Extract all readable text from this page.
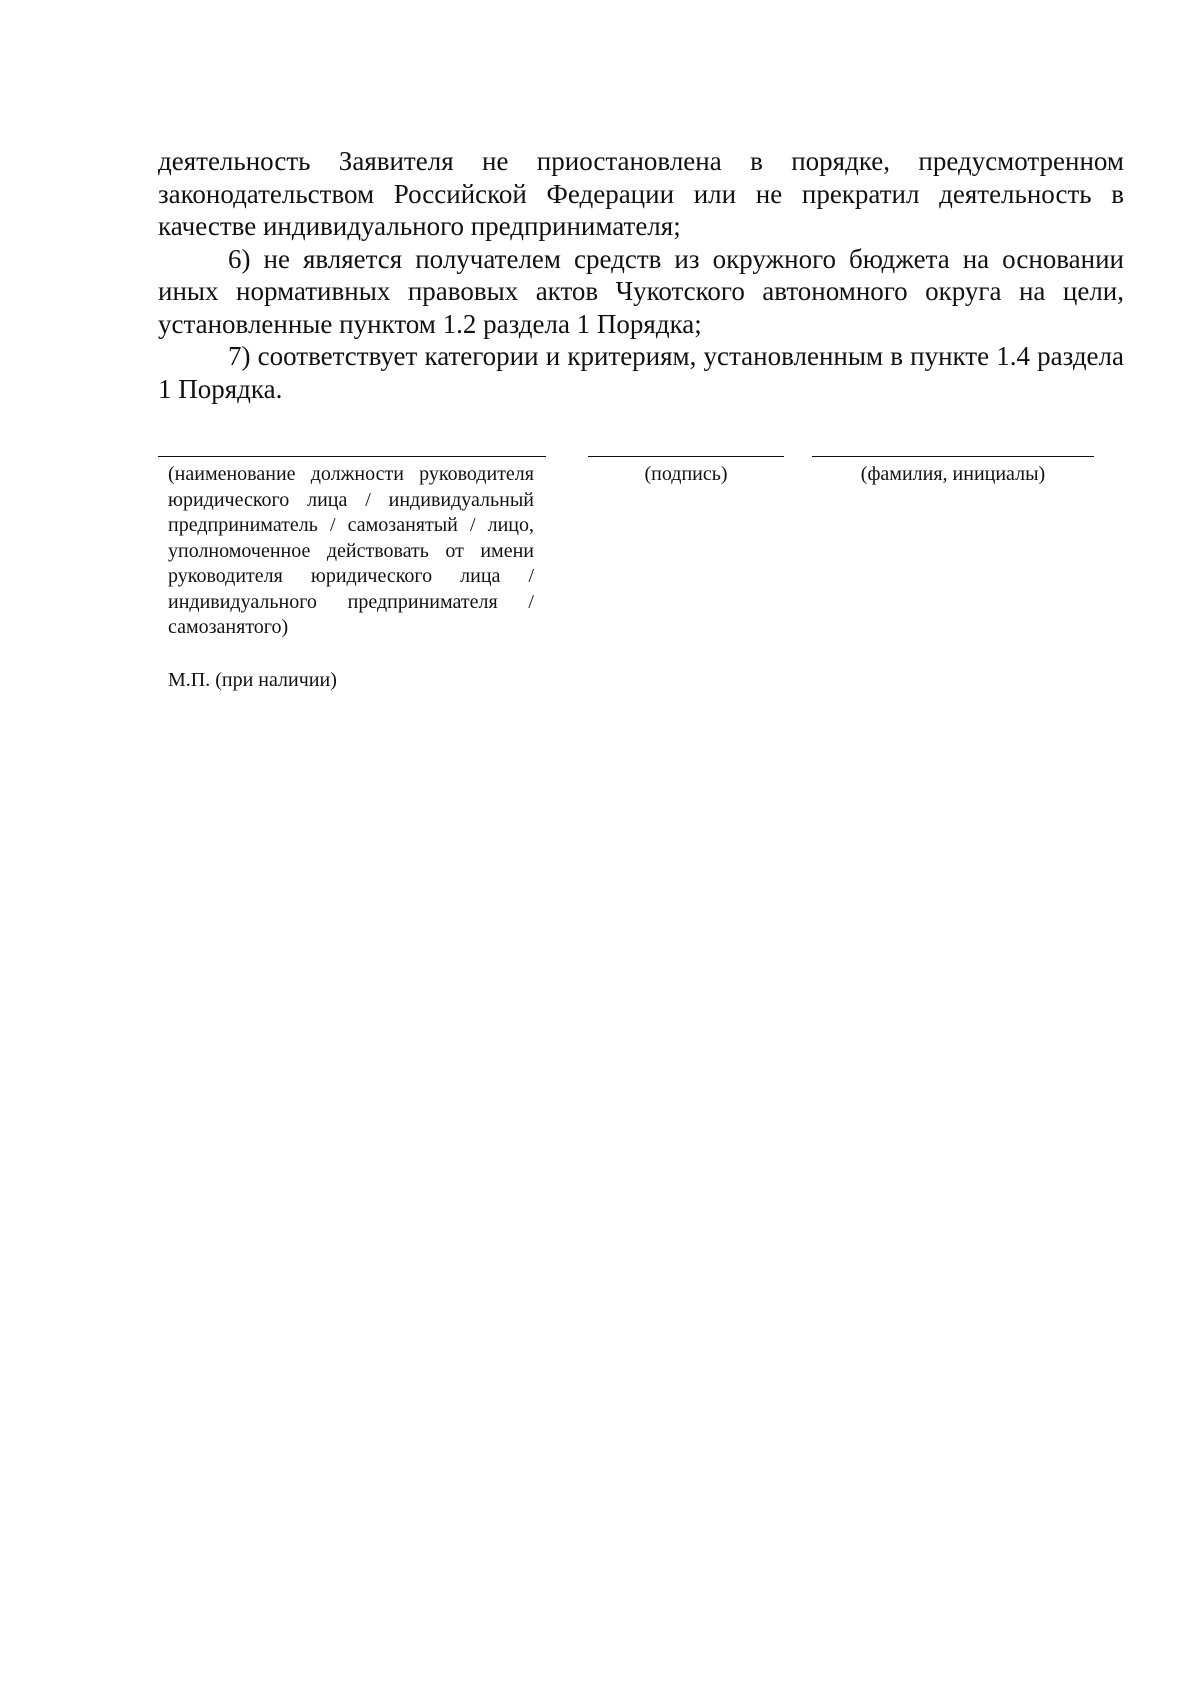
деятельность Заявителя не приостановлена в порядке, предусмотренном законодательством Российской Федерации или не прекратил деятельность в качестве индивидуального предпринимателя;

6) не является получателем средств из окружного бюджета на основании иных нормативных правовых актов Чукотского автономного округа на цели, установленные пунктом 1.2 раздела 1 Порядка;

7) соответствует категории и критериям, установленным в пункте 1.4 раздела 1 Порядка.

(наименование должности руководителя юридического лица / индивидуальный предприниматель / самозанятый / лицо, уполномоченное действовать от имени руководителя юридического лица / индивидуального предпринимателя / самозанятого)
(подпись)	(фамилия, инициалы)
М.П. (при наличии)
